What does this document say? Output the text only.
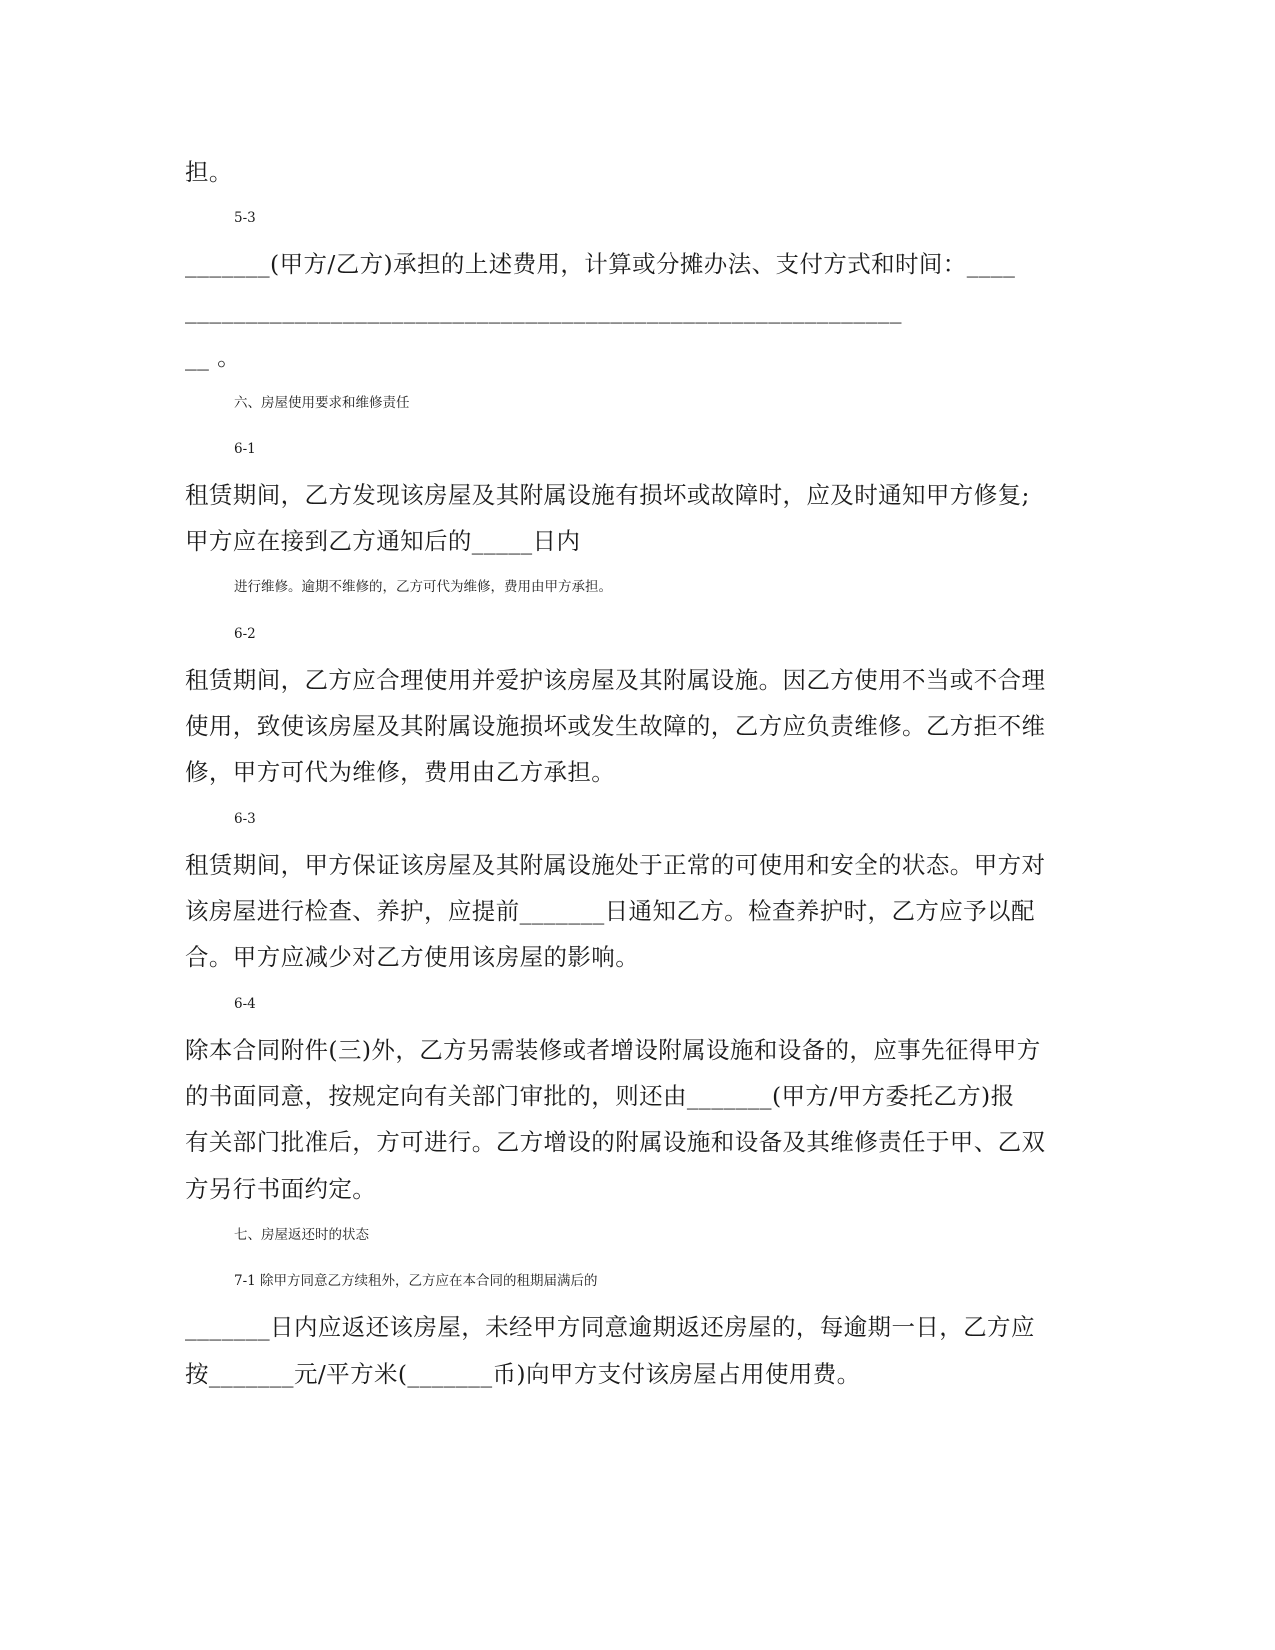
担。
5-3
_______(甲方/乙方)承担的上述费用，计算或分摊办法、支付方式和时间：____
___________________________________________________________
__ 。
六、房屋使用要求和维修责任
6-1
租赁期间，乙方发现该房屋及其附属设施有损坏或故障时，应及时通知甲方修复;
甲方应在接到乙方通知后的_____日内
进行维修。逾期不维修的，乙方可代为维修，费用由甲方承担。
6-2
租赁期间，乙方应合理使用并爱护该房屋及其附属设施。因乙方使用不当或不合理
使用，致使该房屋及其附属设施损坏或发生故障的，乙方应负责维修。乙方拒不维
修，甲方可代为维修，费用由乙方承担。
6-3
租赁期间，甲方保证该房屋及其附属设施处于正常的可使用和安全的状态。甲方对
该房屋进行检查、养护，应提前_______日通知乙方。检查养护时，乙方应予以配
合。甲方应减少对乙方使用该房屋的影响。
6-4
除本合同附件(三)外，乙方另需装修或者增设附属设施和设备的，应事先征得甲方
的书面同意，按规定向有关部门审批的，则还由_______(甲方/甲方委托乙方)报
有关部门批准后，方可进行。乙方增设的附属设施和设备及其维修责任于甲、乙双
方另行书面约定。
七、房屋返还时的状态
7-1 除甲方同意乙方续租外，乙方应在本合同的租期届满后的
_______日内应返还该房屋，未经甲方同意逾期返还房屋的，每逾期一日，乙方应
按_______元/平方米(_______币)向甲方支付该房屋占用使用费。
